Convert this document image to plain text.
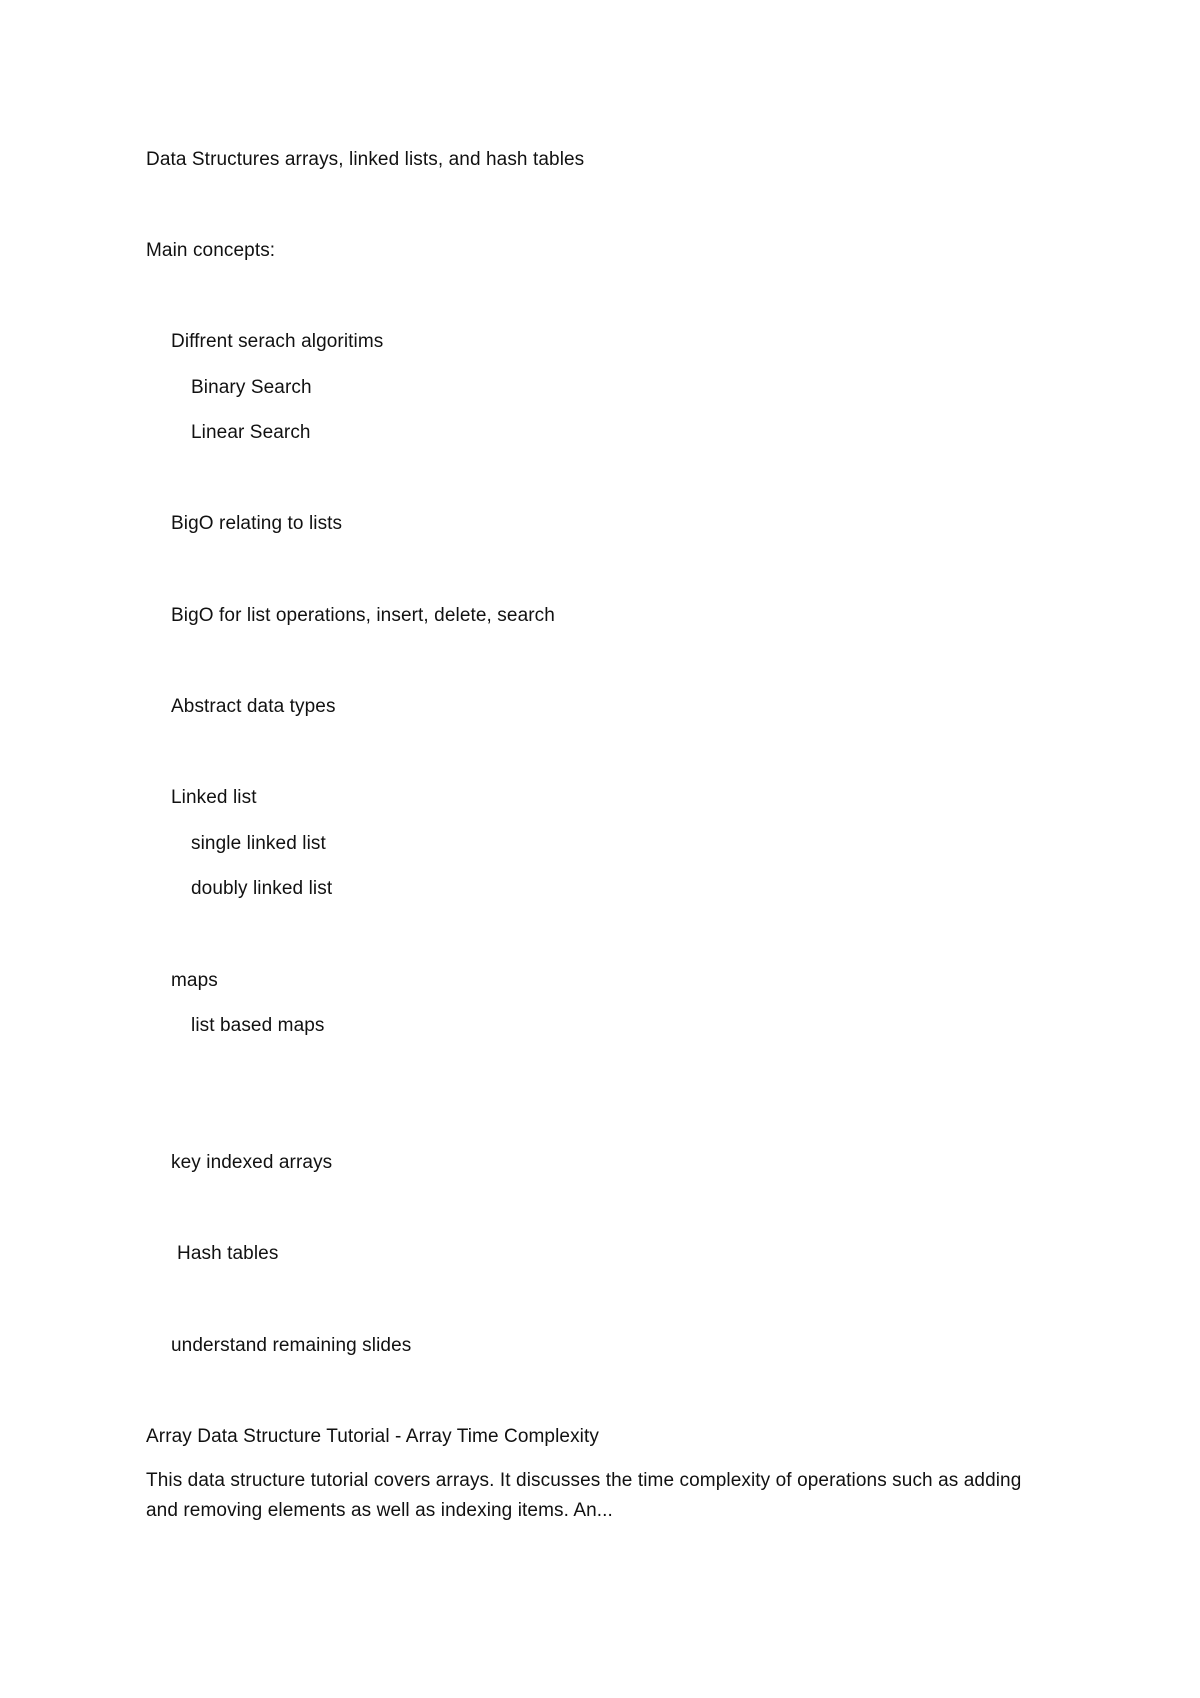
Data Structures arrays, linked lists, and hash tables
Main concepts:
Diffrent serach algoritims
Binary Search
Linear Search
BigO relating to lists
BigO for list operations, insert, delete, search
Abstract data types
Linked list
single linked list
doubly linked list
maps
list based maps
key indexed arrays
Hash tables
understand remaining slides
Array Data Structure Tutorial - Array Time Complexity
This data structure tutorial covers arrays. It discusses the time complexity of operations such as adding and removing elements as well as indexing items. An...
